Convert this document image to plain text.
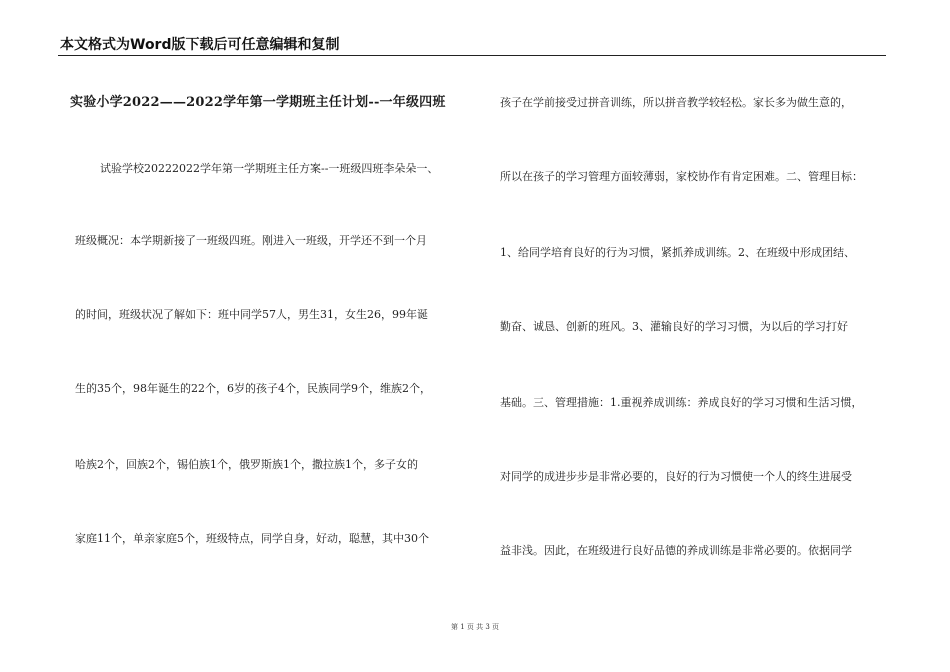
本文格式为Word版下载后可任意编辑和复制
实验小学2022——2022学年第一学期班主任计划--一年级四班
试验学校20222022学年第一学期班主任方案--一班级四班李朵朵一、
班级概况：本学期新接了一班级四班。刚进入一班级，开学还不到一个月
的时间，班级状况了解如下：班中同学57人，男生31，女生26，99年诞
生的35个，98年诞生的22个，6岁的孩子4个，民族同学9个，维族2个，
哈族2个，回族2个，锡伯族1个，俄罗斯族1个，撒拉族1个，多子女的
家庭11个，单亲家庭5个，班级特点，同学自身，好动，聪慧，其中30个
孩子在学前接受过拼音训练，所以拼音教学较轻松。家长多为做生意的，
所以在孩子的学习管理方面较薄弱，家校协作有肯定困难。二、管理目标：
1、给同学培育良好的行为习惯，紧抓养成训练。2、在班级中形成团结、
勤奋、诚恳、创新的班风。3、灌输良好的学习习惯，为以后的学习打好
基础。三、管理措施：1.重视养成训练：养成良好的学习习惯和生活习惯，
对同学的成进步步是非常必要的，良好的行为习惯使一个人的终生进展受
益非浅。因此，在班级进行良好品德的养成训练是非常必要的。依据同学
第 1 页 共 3 页
